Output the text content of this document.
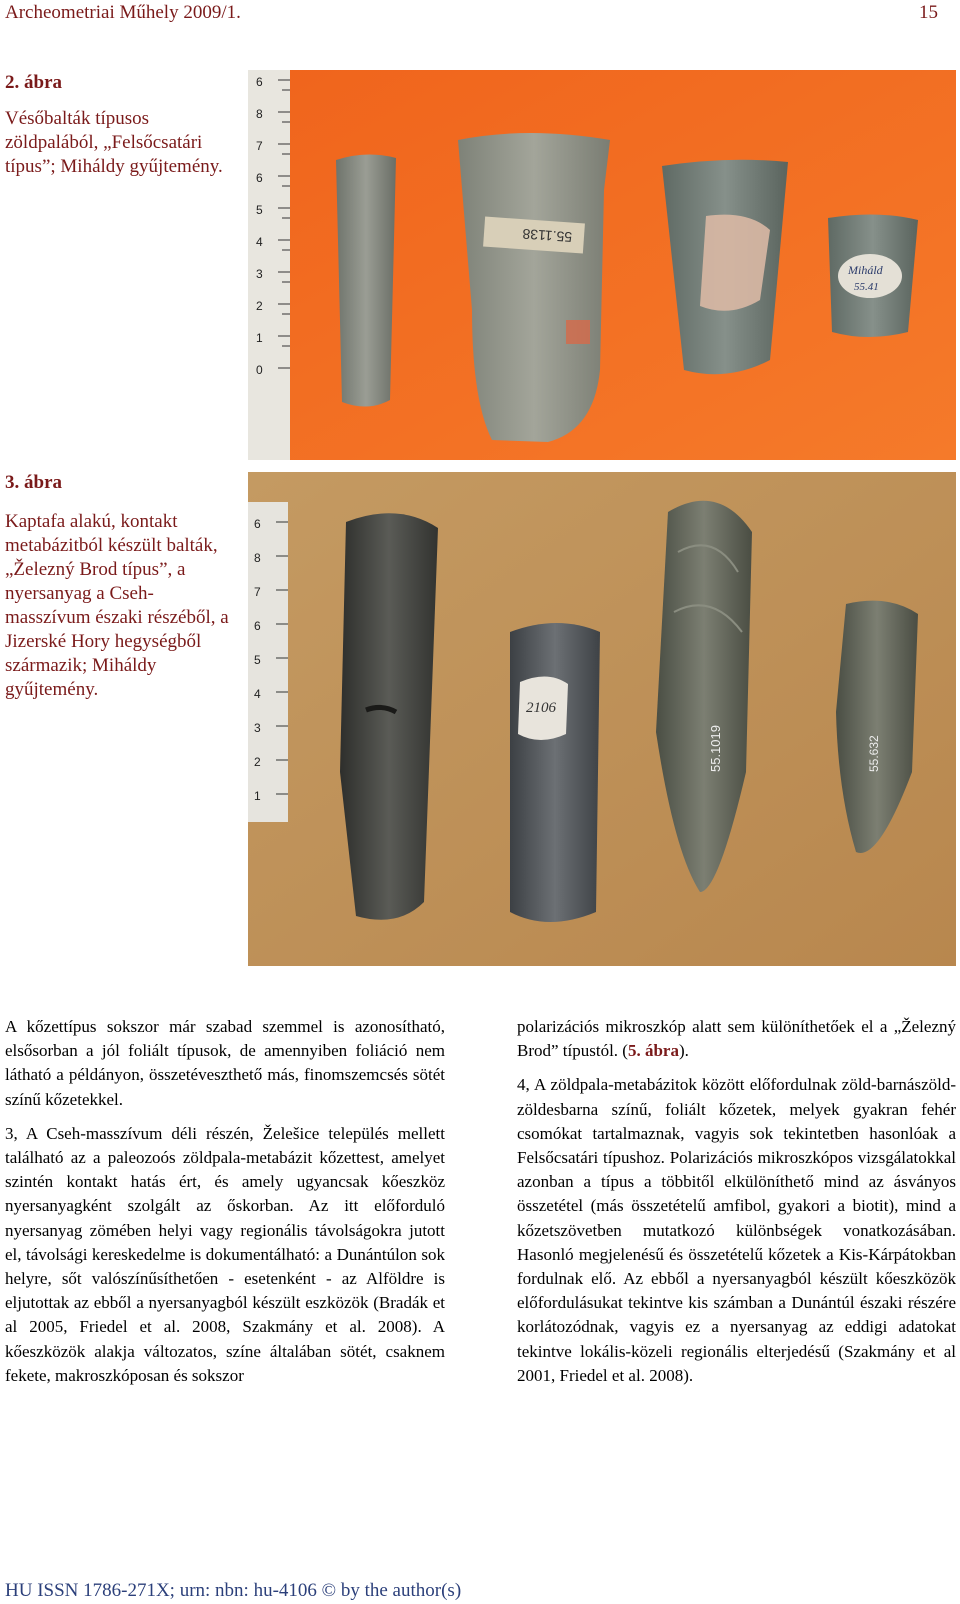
Archeometriai Műhely 2009/1.	15
2. ábra
Vésőbalták típusos zöldpalából, „Felsőcsatári típus”; Miháldy gyűjtemény.
6
8
7
6
5
4
3
2
1
0
55.1138
Miháld
55.41
3. ábra
Kaptafa alakú, kontakt metabázitból készült balták, „Železný Brod típus”, a nyersanyag a Cseh-masszívum északi részéből, a Jizerské Hory hegységből származik; Miháldy gyűjtemény.
6
8
7
6
5
4
3
2
1
2106
55.1019	55.632

A kőzettípus sokszor már szabad szemmel is azonosítható, elsősorban a jól foliált típusok, de amennyiben foliáció nem látható a példányon, összetéveszthető más, finomszemcsés sötét színű kőzetekkel.

3, A Cseh-masszívum déli részén, Želešice település mellett található az a paleozoós zöldpala-metabázit kőzettest, amelyet szintén kontakt hatás ért, és amely ugyancsak kőeszköz nyersanyagként szolgált az őskorban. Az itt előforduló nyersanyag zömében helyi vagy regionális távolságokra jutott el, távolsági kereskedelme is dokumentálható: a Dunántúlon sok helyre, sőt valószínűsíthetően - esetenként - az Alföldre is eljutottak az ebből a nyersanyagból készült eszközök (Bradák et al 2005, Friedel et al. 2008, Szakmány et al. 2008). A kőeszközök alakja változatos, színe általában sötét, csaknem fekete, makroszkóposan és sokszor

polarizációs mikroszkóp alatt sem különíthetőek el a „Železný Brod” típustól. (5. ábra).

4, A zöldpala-metabázitok között előfordulnak zöld-barnászöld-zöldesbarna színű, foliált kőzetek, melyek gyakran fehér csomókat tartalmaznak, vagyis sok tekintetben hasonlóak a Felsőcsatári típushoz. Polarizációs mikroszkópos vizsgálatokkal azonban a típus a többitől elkülöníthető mind az ásványos összetétel (más összetételű amfibol, gyakori a biotit), mind a kőzetszövetben mutatkozó különbségek vonatkozásában. Hasonló megjelenésű és összetételű kőzetek a Kis-Kárpátokban fordulnak elő. Az ebből a nyersanyagból készült kőeszközök előfordulásukat tekintve kis számban a Dunántúl északi részére korlátozódnak, vagyis ez a nyersanyag az eddigi adatokat tekintve lokális-közeli regionális elterjedésű (Szakmány et al 2001, Friedel et al. 2008).

HU ISSN 1786-271X; urn: nbn: hu-4106 © by the author(s)
